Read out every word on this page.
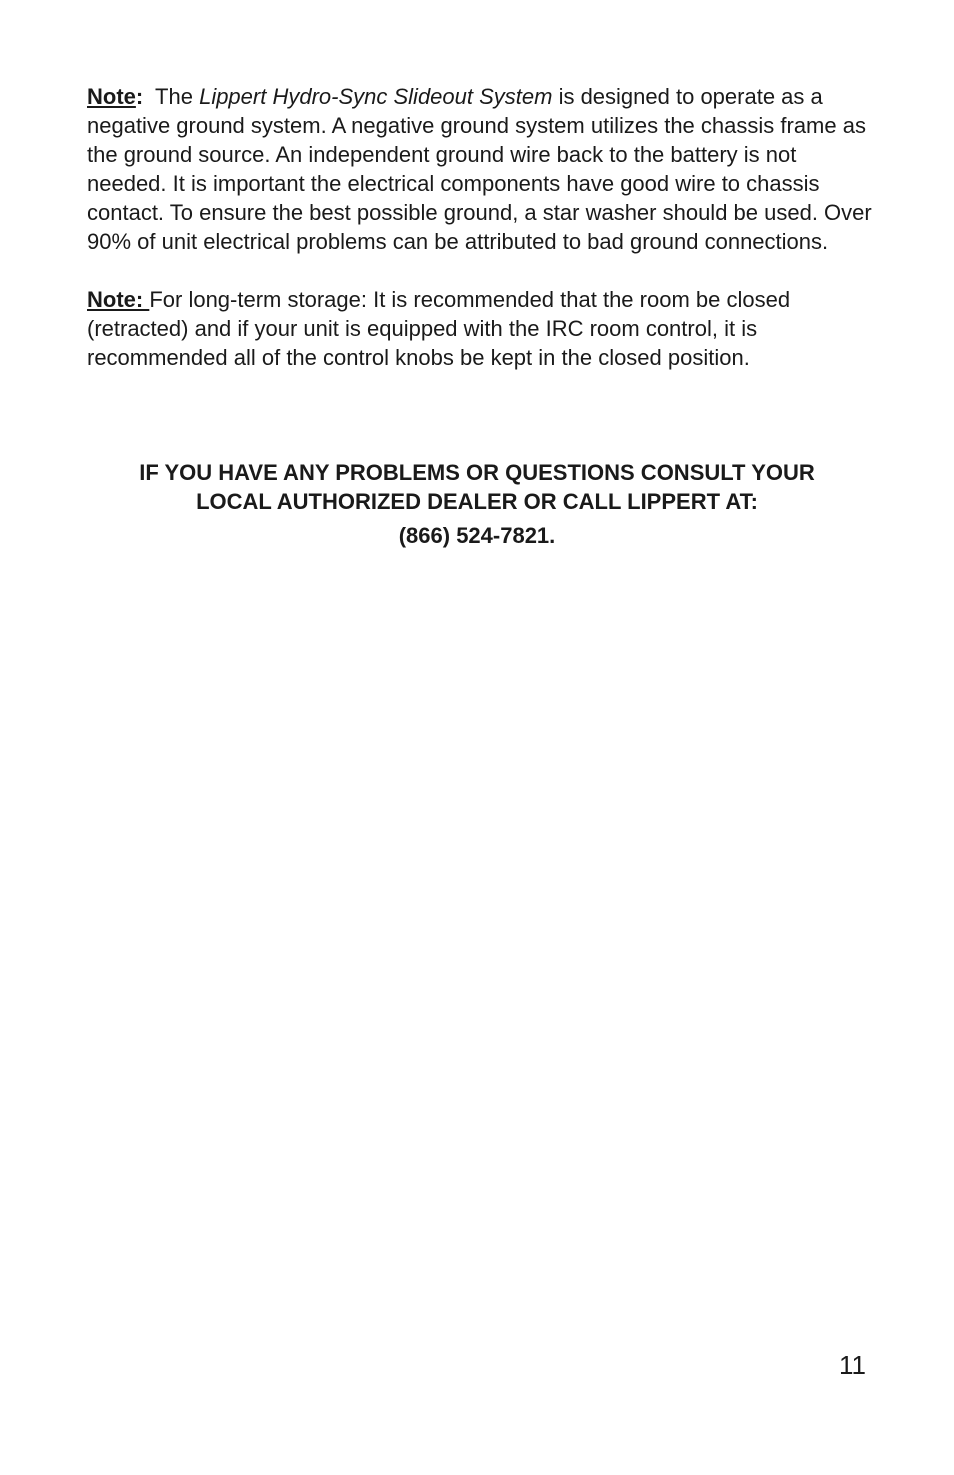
Note:  The Lippert Hydro-Sync Slideout System is designed to operate as a negative ground system. A negative ground system utilizes the chassis frame as the ground source. An independent ground wire back to the battery is not needed. It is important the electrical components have good wire to chassis contact. To ensure the best possible ground, a star washer should be used. Over 90% of unit electrical problems can be attributed to bad ground connections.

Note: For long-term storage: It is recommended that the room be closed (retracted) and if your unit is equipped with the IRC room control, it is recommended all of the control knobs be kept in the closed position.

IF YOU HAVE ANY PROBLEMS OR QUESTIONS CONSULT YOUR
LOCAL AUTHORIZED DEALER OR CALL LIPPERT AT:
(866) 524-7821.
11
